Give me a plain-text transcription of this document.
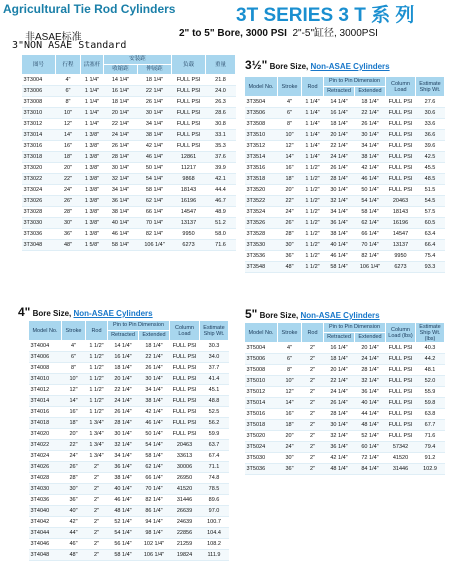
Agricultural Tie Rod Cylinders	3T SERIES 3 T 系 列
2" to 5" Bore, 3000 PSI 2"-5"缸径, 3000PSI
非ASAE标准
3"NON ASAE Standard
图号	行程	活塞杆	安装距		负载	重量
			收缩距	伸展距		
3T3004	4"	1 1/4"	14 1/4"	18 1/4"	FULL PSI	21.8
3T3006	6"	1 1/4"	16 1/4"	22 1/4"	FULL PSI	24.0
3T3008	8"	1 1/4"	18 1/4"	26 1/4"	FULL PSI	26.3
3T3010	10"	1 1/4"	20 1/4"	30 1/4"	FULL PSI	28.6
3T3012	12"	1 1/4"	22 1/4"	34 1/4"	FULL PSI	30.8
3T3014	14"	1 3/8"	24 1/4"	38 1/4"	FULL PSI	33.1
3T3016	16"	1 3/8"	26 1/4"	42 1/4"	FULL PSI	35.3
3T3018	18"	1 3/8"	28 1/4"	46 1/4"	12861	37.6
3T3020	20"	1 3/8"	30 1/4"	50 1/4"	11217	39.9
3T3022	22"	1 3/8"	32 1/4"	54 1/4"	9868	42.1
3T3024	24"	1 3/8"	34 1/4"	58 1/4"	18143	44.4
3T3026	26"	1 3/8"	36 1/4"	62 1/4"	16196	46.7
3T3028	28"	1 3/8"	38 1/4"	66 1/4"	14547	48.9
3T3030	30"	1 3/8"	40 1/4"	70 1/4"	13137	51.2
3T3036	36"	1 3/8"	46 1/4"	82 1/4"	9950	58.0
3T3048	48"	1 5/8"	58 1/4"	106 1/4"	6273	71.6
3½" Bore Size, Non-ASAE Cylinders
Model No.	Stroke	Rod	Pin to Pin Dimension		Column Load	Estimate Ship Wt.
			Retracted	Extended		
3T3504	4"	1 1/4"	14 1/4"	18 1/4"	FULL PSI	27.6
3T3506	6"	1 1/4"	16 1/4"	22 1/4"	FULL PSI	30.6
3T3508	8"	1 1/4"	18 1/4"	26 1/4"	FULL PSI	33.6
3T3510	10"	1 1/4"	20 1/4"	30 1/4"	FULL PSI	36.6
3T3512	12"	1 1/4"	22 1/4"	34 1/4"	FULL PSI	39.6
3T3514	14"	1 1/4"	24 1/4"	38 1/4"	FULL PSI	42.5
3T3516	16"	1 1/2"	26 1/4"	42 1/4"	FULL PSI	45.5
3T3518	18"	1 1/2"	28 1/4"	46 1/4"	FULL PSI	48.5
3T3520	20"	1 1/2"	30 1/4"	50 1/4"	FULL PSI	51.5
3T3522	22"	1 1/2"	32 1/4"	54 1/4"	20463	54.5
3T3524	24"	1 1/2"	34 1/4"	58 1/4"	18143	57.5
3T3526	26"	1 1/2"	36 1/4"	62 1/4"	16196	60.5
3T3528	28"	1 1/2"	38 1/4"	66 1/4"	14547	63.4
3T3530	30"	1 1/2"	40 1/4"	70 1/4"	13137	66.4
3T3536	36"	1 1/2"	46 1/4"	82 1/4"	9950	75.4
3T3548	48"	1 1/2"	58 1/4"	106 1/4"	6273	93.3
4" Bore Size, Non-ASAE Cylinders
Model No.	Stroke	Rod	Pin to Pin Dimension		Column Load	Estimate Ship Wt.
			Retracted	Extended		
3T4004	4"	1 1/2"	14 1/4"	18 1/4"	FULL PSI	30.3
3T4006	6"	1 1/2"	16 1/4"	22 1/4"	FULL PSI	34.0
3T4008	8"	1 1/2"	18 1/4"	26 1/4"	FULL PSI	37.7
3T4010	10"	1 1/2"	20 1/4"	30 1/4"	FULL PSI	41.4
3T4012	12"	1 1/2"	22 1/4"	34 1/4"	FULL PSI	45.1
3T4014	14"	1 1/2"	24 1/4"	38 1/4"	FULL PSI	48.8
3T4016	16"	1 1/2"	26 1/4"	42 1/4"	FULL PSI	52.5
3T4018	18"	1 3/4"	28 1/4"	46 1/4"	FULL PSI	56.2
3T4020	20"	1 3/4"	30 1/4"	50 1/4"	FULL PSI	59.9
3T4022	22"	1 3/4"	32 1/4"	54 1/4"	20463	63.7
3T4024	24"	1 3/4"	34 1/4"	58 1/4"	33613	67.4
3T4026	26"	2"	36 1/4"	62 1/4"	30006	71.1
3T4028	28"	2"	38 1/4"	66 1/4"	26950	74.8
3T4030	30"	2"	40 1/4"	70 1/4"	41520	78.5
3T4036	36"	2"	46 1/4"	82 1/4"	31446	89.6
3T4040	40"	2"	48 1/4"	86 1/4"	26639	97.0
3T4042	42"	2"	52 1/4"	94 1/4"	24639	100.7
3T4044	44"	2"	54 1/4"	98 1/4"	22856	104.4
3T4046	46"	2"	56 1/4"	102 1/4"	21259	108.2
3T4048	48"	2"	58 1/4"	106 1/4"	19824	111.9
5" Bore Size, Non-ASAE Cylinders
Model No.	Stroke	Rod	Pin to Pin Dimension		Column Load (lbs)	Estimate Ship Wt. (lbs)
			Retracted	Extended		
3T5004	4"	2"	16 1/4"	20 1/4"	FULL PSI	40.3
3T5006	6"	2"	18 1/4"	24 1/4"	FULL PSI	44.2
3T5008	8"	2"	20 1/4"	28 1/4"	FULL PSI	48.1
3T5010	10"	2"	22 1/4"	32 1/4"	FULL PSI	52.0
3T5012	12"	2"	24 1/4"	36 1/4"	FULL PSI	55.9
3T5014	14"	2"	26 1/4"	40 1/4"	FULL PSI	59.8
3T5016	16"	2"	28 1/4"	44 1/4"	FULL PSI	63.8
3T5018	18"	2"	30 1/4"	48 1/4"	FULL PSI	67.7
3T5020	20"	2"	32 1/4"	52 1/4"	FULL PSI	71.6
3T5024	24"	2"	36 1/4"	60 1/4"	57342	79.4
3T5030	30"	2"	42 1/4"	72 1/4"	41520	91.2
3T5036	36"	2"	48 1/4"	84 1/4"	31446	102.9
